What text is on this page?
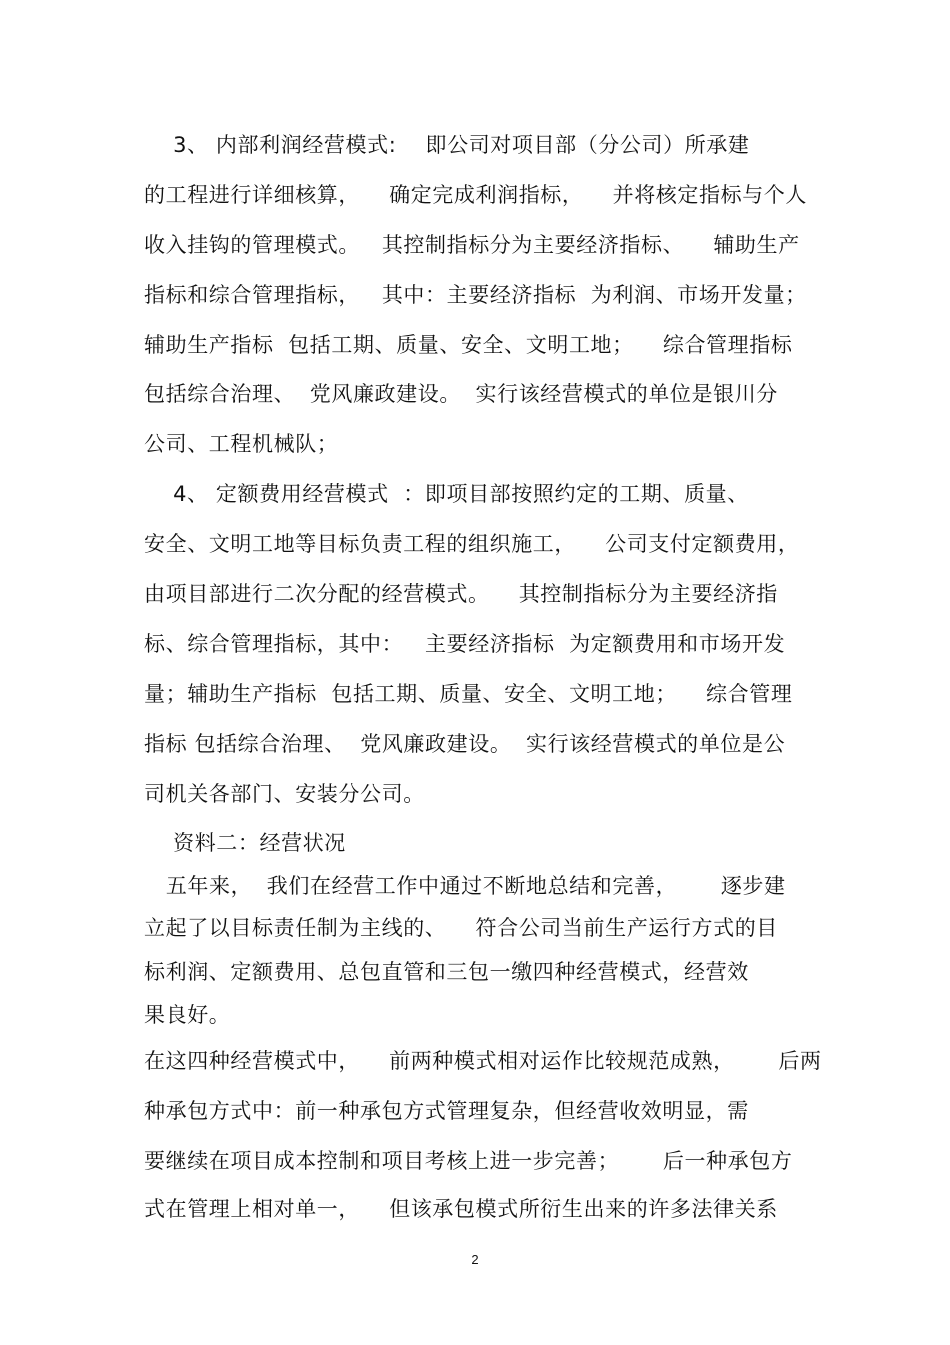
3、 内部利润经营模式:    即公司对项目部（分公司）所承建
的工程进行详细核算，    确定完成利润指标，    并将核定指标与个人
收入挂钩的管理模式。   其控制指标分为主要经济指标、    辅助生产
指标和综合管理指标，   其中：主要经济指标  为利润、市场开发量；
辅助生产指标  包括工期、质量、安全、文明工地；    综合管理指标
包括综合治理、  党风廉政建设。  实行该经营模式的单位是银川分
公司、工程机械队；
4、 定额费用经营模式  ：即项目部按照约定的工期、质量、
安全、文明工地等目标负责工程的组织施工，    公司支付定额费用，
由项目部进行二次分配的经营模式。    其控制指标分为主要经济指
标、综合管理指标，其中：   主要经济指标  为定额费用和市场开发
量；辅助生产指标  包括工期、质量、安全、文明工地；    综合管理
指标 包括综合治理、  党风廉政建设。  实行该经营模式的单位是公
司机关各部门、安装分公司。
资料二：经营状况
五年来，  我们在经营工作中通过不断地总结和完善，      逐步建
立起了以目标责任制为主线的、    符合公司当前生产运行方式的目
标利润、定额费用、总包直管和三包一缴四种经营模式，经营效
果良好。
在这四种经营模式中，    前两种模式相对运作比较规范成熟，      后两
种承包方式中：前一种承包方式管理复杂，但经营收效明显，需
要继续在项目成本控制和项目考核上进一步完善；      后一种承包方
式在管理上相对单一，    但该承包模式所衍生出来的许多法律关系
2
